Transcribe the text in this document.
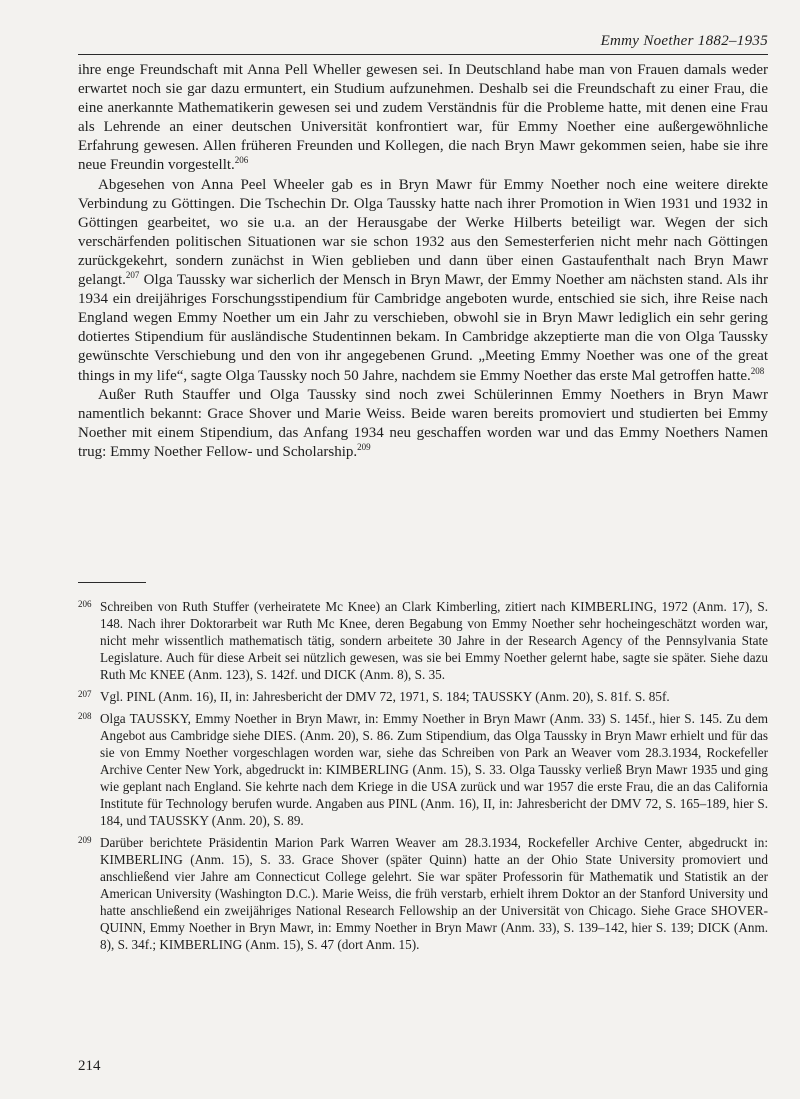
Emmy Noether 1882–1935

ihre enge Freundschaft mit Anna Pell Wheller gewesen sei. In Deutschland habe man von Frauen damals weder erwartet noch sie gar dazu ermuntert, ein Studium aufzunehmen. Deshalb sei die Freundschaft zu einer Frau, die eine anerkannte Mathematikerin gewesen sei und zudem Verständnis für die Probleme hatte, mit denen eine Frau als Lehrende an einer deutschen Universität konfrontiert war, für Emmy Noether eine außergewöhnliche Erfahrung gewesen. Allen früheren Freunden und Kollegen, die nach Bryn Mawr gekommen seien, habe sie ihre neue Freundin vorgestellt.$^{206}$

Abgesehen von Anna Peel Wheeler gab es in Bryn Mawr für Emmy Noether noch eine weitere direkte Verbindung zu Göttingen. Die Tschechin Dr. Olga Taussky hatte nach ihrer Promotion in Wien 1931 und 1932 in Göttingen gearbeitet, wo sie u.a. an der Herausgabe der Werke Hilberts beteiligt war. Wegen der sich verschärfenden politischen Situationen war sie schon 1932 aus den Semesterferien nicht mehr nach Göttingen zurückgekehrt, sondern zunächst in Wien geblieben und dann über einen Gastaufenthalt nach Bryn Mawr gelangt.$^{207}$ Olga Taussky war sicherlich der Mensch in Bryn Mawr, der Emmy Noether am nächsten stand. Als ihr 1934 ein dreijähriges Forschungsstipendium für Cambridge angeboten wurde, entschied sie sich, ihre Reise nach England wegen Emmy Noether um ein Jahr zu verschieben, obwohl sie in Bryn Mawr lediglich ein sehr gering dotiertes Stipendium für ausländische Studentinnen bekam. In Cambridge akzeptierte man die von Olga Taussky gewünschte Verschiebung und den von ihr angegebenen Grund. „Meeting Emmy Noether was one of the great things in my life“, sagte Olga Taussky noch 50 Jahre, nachdem sie Emmy Noether das erste Mal getroffen hatte.$^{208}$

Außer Ruth Stauffer und Olga Taussky sind noch zwei Schülerinnen Emmy Noethers in Bryn Mawr namentlich bekannt: Grace Shover und Marie Weiss. Beide waren bereits promoviert und studierten bei Emmy Noether mit einem Stipendium, das Anfang 1934 neu geschaffen worden war und das Emmy Noethers Namen trug: Emmy Noether Fellow- und Scholarship.$^{209}$

206 Schreiben von Ruth Stuffer (verheiratete Mc Knee) an Clark Kimberling, zitiert nach KIMBERLING, 1972 (Anm. 17), S. 148. Nach ihrer Doktorarbeit war Ruth Mc Knee, deren Begabung von Emmy Noether sehr hocheingeschätzt worden war, nicht mehr wissentlich mathematisch tätig, sondern arbeitete 30 Jahre in der Research Agency of the Pennsylvania State Legislature. Auch für diese Arbeit sei nützlich gewesen, was sie bei Emmy Noether gelernt habe, sagte sie später. Siehe dazu Ruth Mc KNEE (Anm. 123), S. 142f. und DICK (Anm. 8), S. 35.
207 Vgl. PINL (Anm. 16), II, in: Jahresbericht der DMV 72, 1971, S. 184; TAUSSKY (Anm. 20), S. 81f. S. 85f.
208 Olga TAUSSKY, Emmy Noether in Bryn Mawr, in: Emmy Noether in Bryn Mawr (Anm. 33) S. 145f., hier S. 145. Zu dem Angebot aus Cambridge siehe DIES. (Anm. 20), S. 86. Zum Stipendium, das Olga Taussky in Bryn Mawr erhielt und für das sie von Emmy Noether vorgeschlagen worden war, siehe das Schreiben von Park an Weaver vom 28.3.1934, Rockefeller Archive Center New York, abgedruckt in: KIMBERLING (Anm. 15), S. 33. Olga Taussky verließ Bryn Mawr 1935 und ging wie geplant nach England. Sie kehrte nach dem Kriege in die USA zurück und war 1957 die erste Frau, die an das California Institute für Technology berufen wurde. Angaben aus PINL (Anm. 16), II, in: Jahresbericht der DMV 72, S. 165–189, hier S. 184, und TAUSSKY (Anm. 20), S. 89.
209 Darüber berichtete Präsidentin Marion Park Warren Weaver am 28.3.1934, Rockefeller Archive Center, abgedruckt in: KIMBERLING (Anm. 15), S. 33. Grace Shover (später Quinn) hatte an der Ohio State University promoviert und anschließend vier Jahre am Connecticut College gelehrt. Sie war später Professorin für Mathematik und Statistik an der American University (Washington D.C.). Marie Weiss, die früh verstarb, erhielt ihrem Doktor an der Stanford University und hatte anschließend ein zweijähriges National Research Fellowship an der Universität von Chicago. Siehe Grace SHOVER-QUINN, Emmy Noether in Bryn Mawr, in: Emmy Noether in Bryn Mawr (Anm. 33), S. 139–142, hier S. 139; DICK (Anm. 8), S. 34f.; KIMBERLING (Anm. 15), S. 47 (dort Anm. 15).
214
